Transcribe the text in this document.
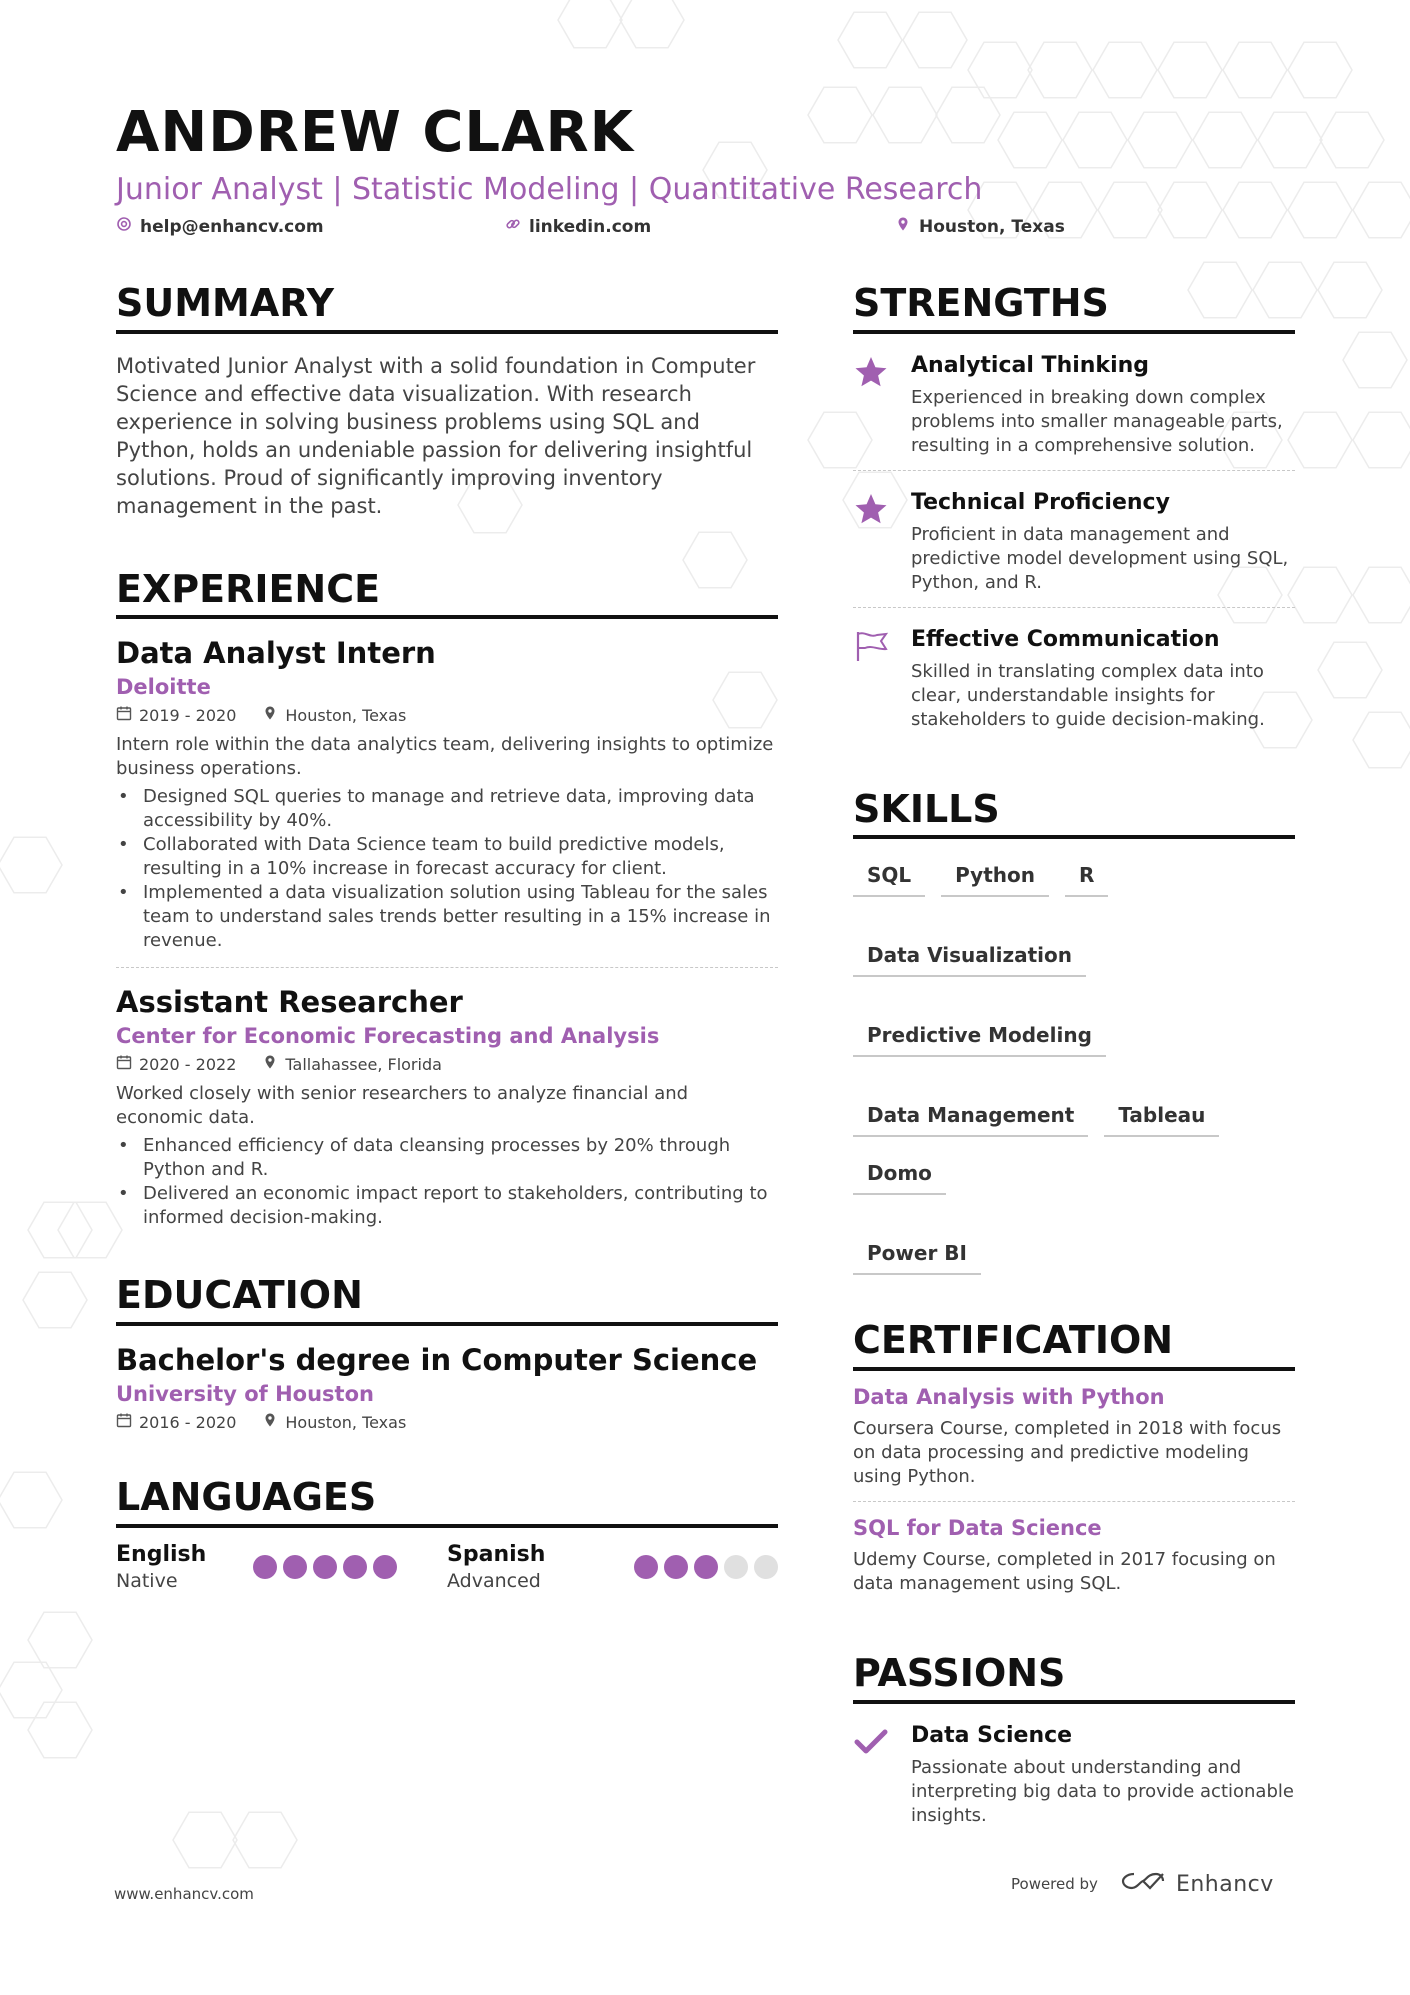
ANDREW CLARK
Junior Analyst | Statistic Modeling | Quantitative Research
help@enhancv.com	linkedin.com	Houston, Texas
SUMMARY

Motivated Junior Analyst with a solid foundation in Computer Science and effective data visualization. With research experience in solving business problems using SQL and Python, holds an undeniable passion for delivering insightful solutions. Proud of significantly improving inventory management in the past.

EXPERIENCE
Data Analyst Intern
Deloitte
2019 - 2020	Houston, Texas

Intern role within the data analytics team, delivering insights to optimize business operations.

• Designed SQL queries to manage and retrieve data, improving data accessibility by 40%.
• Collaborated with Data Science team to build predictive models, resulting in a 10% increase in forecast accuracy for client.
• Implemented a data visualization solution using Tableau for the sales team to understand sales trends better resulting in a 15% increase in revenue.
Assistant Researcher
Center for Economic Forecasting and Analysis
2020 - 2022	Tallahassee, Florida

Worked closely with senior researchers to analyze financial and economic data.

• Enhanced efficiency of data cleansing processes by 20% through Python and R.
• Delivered an economic impact report to stakeholders, contributing to informed decision-making.
EDUCATION
Bachelor's degree in Computer Science
University of Houston
2016 - 2020	Houston, Texas
LANGUAGES
English
Native
Spanish
Advanced
STRENGTHS
Analytical Thinking

Experienced in breaking down complex problems into smaller manageable parts, resulting in a comprehensive solution.

Technical Proficiency

Proficient in data management and predictive model development using SQL, Python, and R.

Effective Communication

Skilled in translating complex data into clear, understandable insights for stakeholders to guide decision-making.

SKILLS
SQL	Python	R
Data Visualization
Predictive Modeling
Data Management	Tableau
Domo
Power BI
CERTIFICATION
Data Analysis with Python

Coursera Course, completed in 2018 with focus on data processing and predictive modeling using Python.

SQL for Data Science

Udemy Course, completed in 2017 focusing on data management using SQL.

PASSIONS
Data Science

Passionate about understanding and interpreting big data to provide actionable insights.

www.enhancv.com
Powered by	Enhancv
